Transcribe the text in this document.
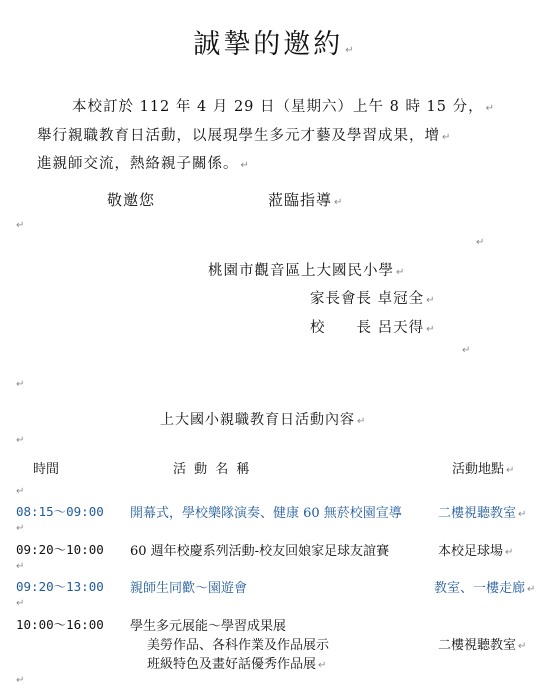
誠摯的邀約 ↵
本校訂於 112 年 4 月 29 日（星期六）上午 8 時 15 分， ↵
舉行親職教育日活動，以展現學生多元才藝及學習成果，增 ↵
進親師交流，熱絡親子關係。 ↵
敬邀您	蒞臨指導 ↵
↵
↵
桃園市觀音區上大國民小學 ↵
家長會長 卓冠全 ↵
校　　長 呂天得 ↵
↵
↵
上大國小親職教育日活動內容 ↵
↵
時間	活 動 名 稱	活動地點 ↵
↵
08:15～09:00 開幕式，學校樂隊演奏、健康 60 無菸校園宣導	二樓視聽教室 ↵
↵
09:20～10:00 60 週年校慶系列活動-校友回娘家足球友誼賽	本校足球場 ↵
↵
09:20～13:00 親師生同歡～園遊會	教室、一樓走廊 ↵
↵
10:00～16:00 學生多元展能～學習成果展
美勞作品、各科作業及作品展示	二樓視聽教室 ↵
班級特色及畫好話優秀作品展 ↵
↵
